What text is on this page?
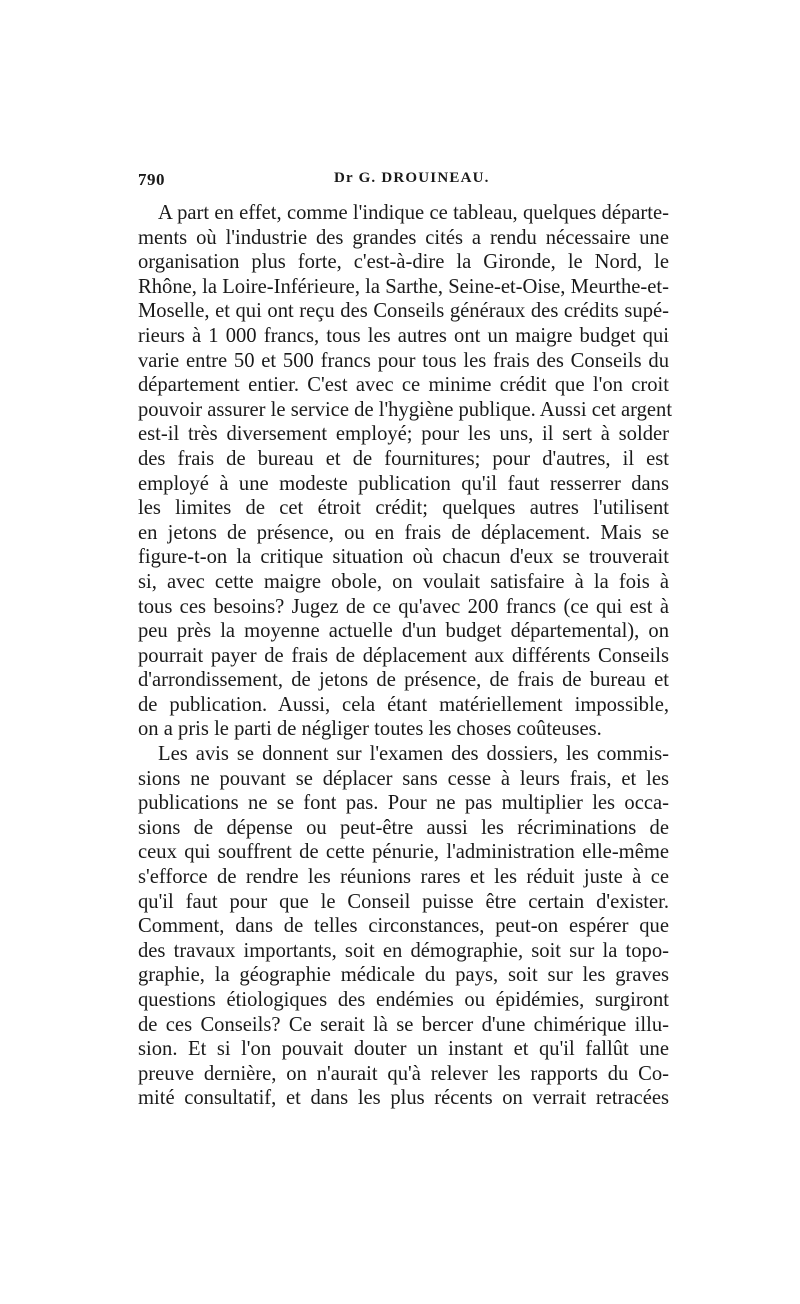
790	Dr G. DROUINEAU.
A part en effet, comme l'indique ce tableau, quelques départe-
ments où l'industrie des grandes cités a rendu nécessaire une
organisation plus forte, c'est-à-dire la Gironde, le Nord, le
Rhône, la Loire-Inférieure, la Sarthe, Seine-et-Oise, Meurthe-et-
Moselle, et qui ont reçu des Conseils généraux des crédits supé-
rieurs à 1 000 francs, tous les autres ont un maigre budget qui
varie entre 50 et 500 francs pour tous les frais des Conseils du
département entier. C'est avec ce minime crédit que l'on croit
pouvoir assurer le service de l'hygiène publique. Aussi cet argent
est-il très diversement employé; pour les uns, il sert à solder
des frais de bureau et de fournitures; pour d'autres, il est
employé à une modeste publication qu'il faut resserrer dans
les limites de cet étroit crédit; quelques autres l'utilisent
en jetons de présence, ou en frais de déplacement. Mais se
figure-t-on la critique situation où chacun d'eux se trouverait
si, avec cette maigre obole, on voulait satisfaire à la fois à
tous ces besoins? Jugez de ce qu'avec 200 francs (ce qui est à
peu près la moyenne actuelle d'un budget départemental), on
pourrait payer de frais de déplacement aux différents Conseils
d'arrondissement, de jetons de présence, de frais de bureau et
de publication. Aussi, cela étant matériellement impossible,
on a pris le parti de négliger toutes les choses coûteuses.
Les avis se donnent sur l'examen des dossiers, les commis-
sions ne pouvant se déplacer sans cesse à leurs frais, et les
publications ne se font pas. Pour ne pas multiplier les occa-
sions de dépense ou peut-être aussi les récriminations de
ceux qui souffrent de cette pénurie, l'administration elle-même
s'efforce de rendre les réunions rares et les réduit juste à ce
qu'il faut pour que le Conseil puisse être certain d'exister.
Comment, dans de telles circonstances, peut-on espérer que
des travaux importants, soit en démographie, soit sur la topo-
graphie, la géographie médicale du pays, soit sur les graves
questions étiologiques des endémies ou épidémies, surgiront
de ces Conseils? Ce serait là se bercer d'une chimérique illu-
sion. Et si l'on pouvait douter un instant et qu'il fallût une
preuve dernière, on n'aurait qu'à relever les rapports du Co-
mité consultatif, et dans les plus récents on verrait retracées
